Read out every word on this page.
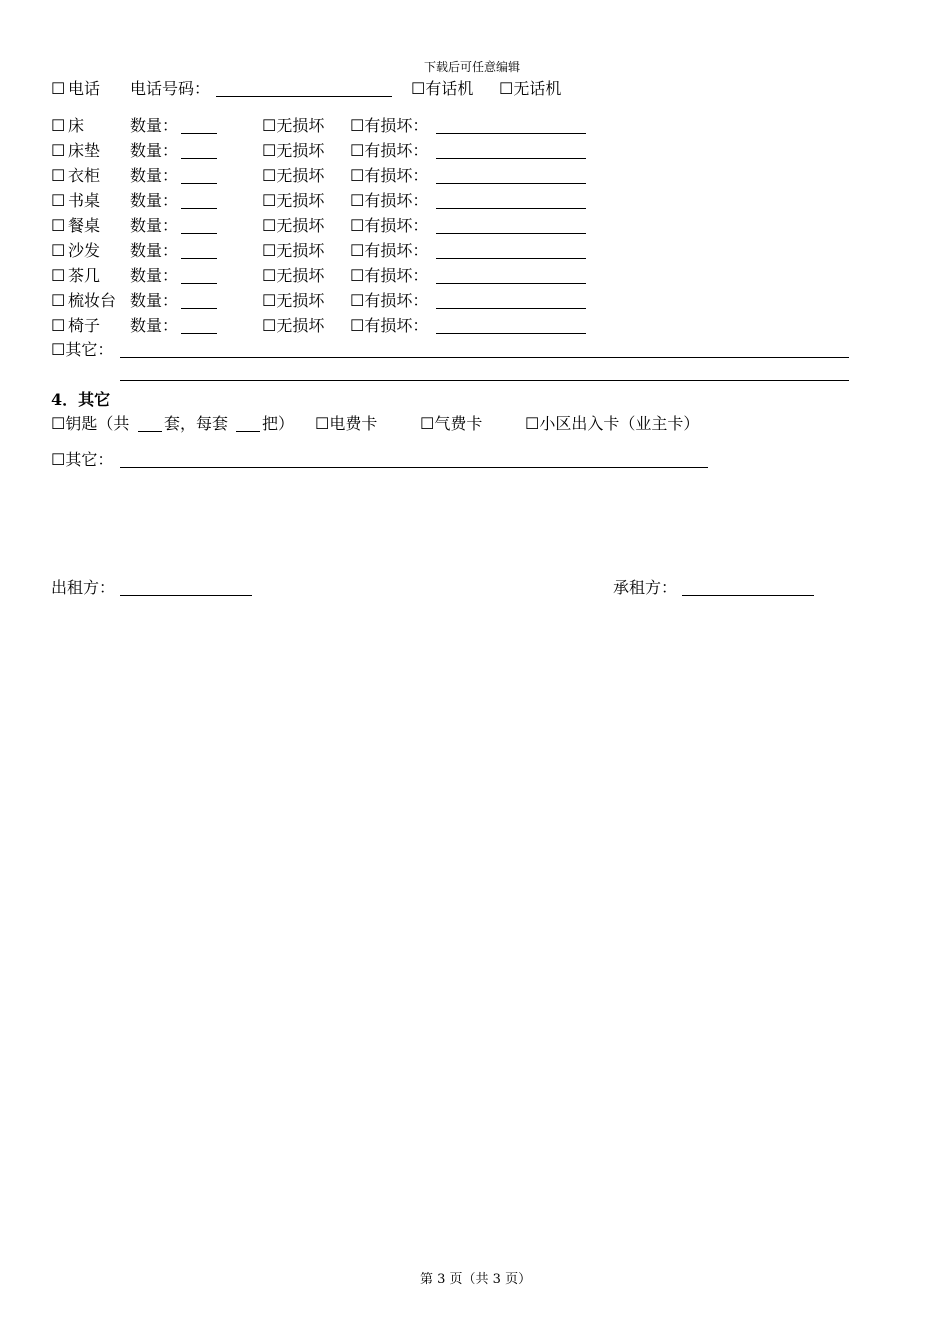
下载后可任意编辑
☐ 电话 电话号码：	☐有话机 ☐无话机
☐ 床	数量：	☐无损坏 ☐有损坏：
☐ 床垫 数量：	☐无损坏 ☐有损坏：
☐ 衣柜 数量：	☐无损坏 ☐有损坏：
☐ 书桌 数量：	☐无损坏 ☐有损坏：
☐ 餐桌 数量：	☐无损坏 ☐有损坏：
☐ 沙发 数量：	☐无损坏 ☐有损坏：
☐ 茶几 数量：	☐无损坏 ☐有损坏：
☐ 梳妆台 数量：	☐无损坏 ☐有损坏：
☐ 椅子 数量：	☐无损坏 ☐有损坏：
☐其它：
4．其它
☐钥匙（共 套，每套 把） ☐电费卡	☐气费卡	☐小区出入卡（业主卡）
☐其它：
出租方：	承租方：
第 3 页（共 3 页）
